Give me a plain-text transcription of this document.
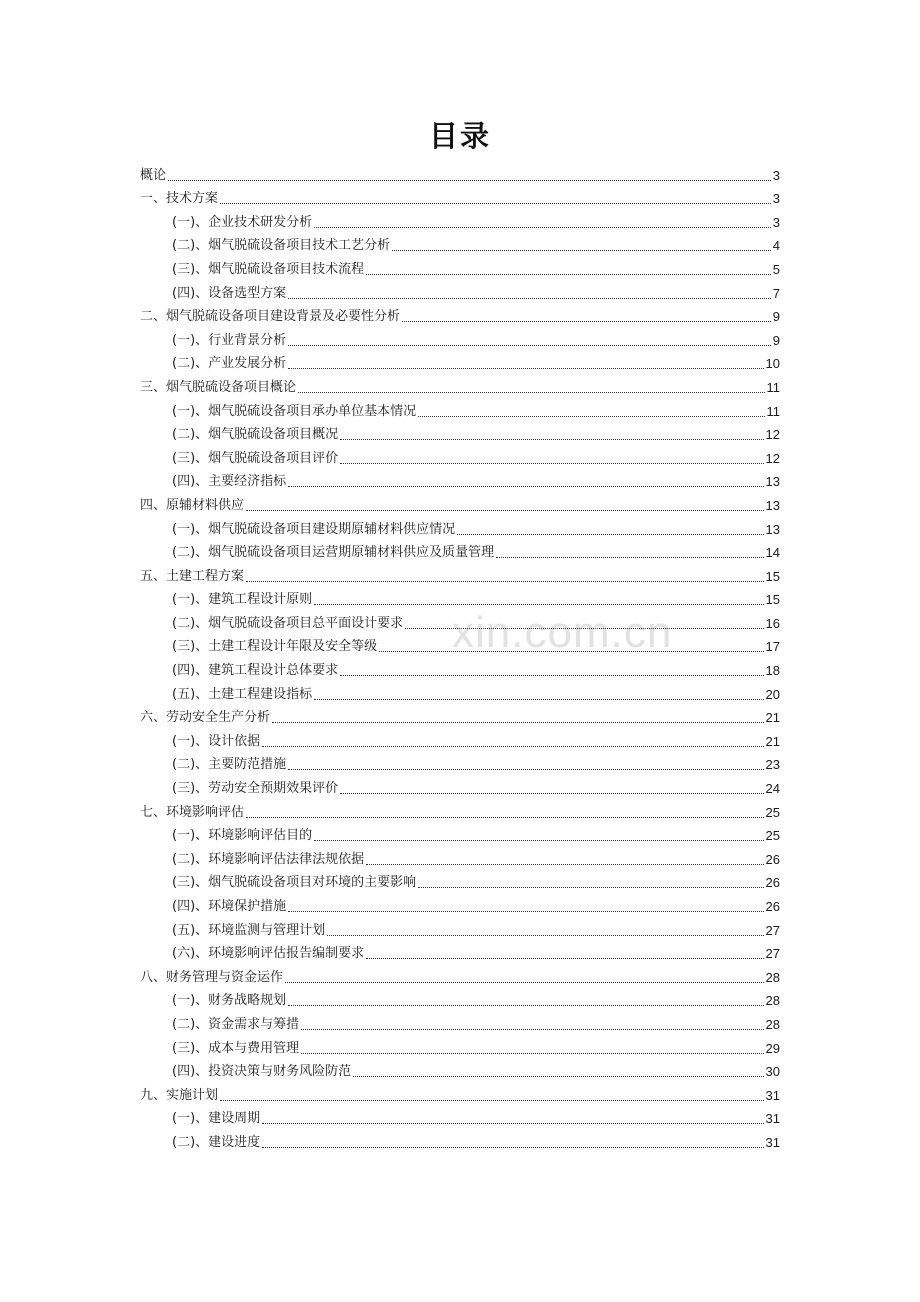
xin.com.cn
目录
概论	3
一、技术方案	3
(一)、企业技术研发分析	3
(二)、烟气脱硫设备项目技术工艺分析	4
(三)、烟气脱硫设备项目技术流程	5
(四)、设备选型方案	7
二、烟气脱硫设备项目建设背景及必要性分析	9
(一)、行业背景分析	9
(二)、产业发展分析	10
三、烟气脱硫设备项目概论	11
(一)、烟气脱硫设备项目承办单位基本情况	11
(二)、烟气脱硫设备项目概况	12
(三)、烟气脱硫设备项目评价	12
(四)、主要经济指标	13
四、原辅材料供应	13
(一)、烟气脱硫设备项目建设期原辅材料供应情况	13
(二)、烟气脱硫设备项目运营期原辅材料供应及质量管理	14
五、土建工程方案	15
(一)、建筑工程设计原则	15
(二)、烟气脱硫设备项目总平面设计要求	16
(三)、土建工程设计年限及安全等级	17
(四)、建筑工程设计总体要求	18
(五)、土建工程建设指标	20
六、劳动安全生产分析	21
(一)、设计依据	21
(二)、主要防范措施	23
(三)、劳动安全预期效果评价	24
七、环境影响评估	25
(一)、环境影响评估目的	25
(二)、环境影响评估法律法规依据	26
(三)、烟气脱硫设备项目对环境的主要影响	26
(四)、环境保护措施	26
(五)、环境监测与管理计划	27
(六)、环境影响评估报告编制要求	27
八、财务管理与资金运作	28
(一)、财务战略规划	28
(二)、资金需求与筹措	28
(三)、成本与费用管理	29
(四)、投资决策与财务风险防范	30
九、实施计划	31
(一)、建设周期	31
(二)、建设进度	31
